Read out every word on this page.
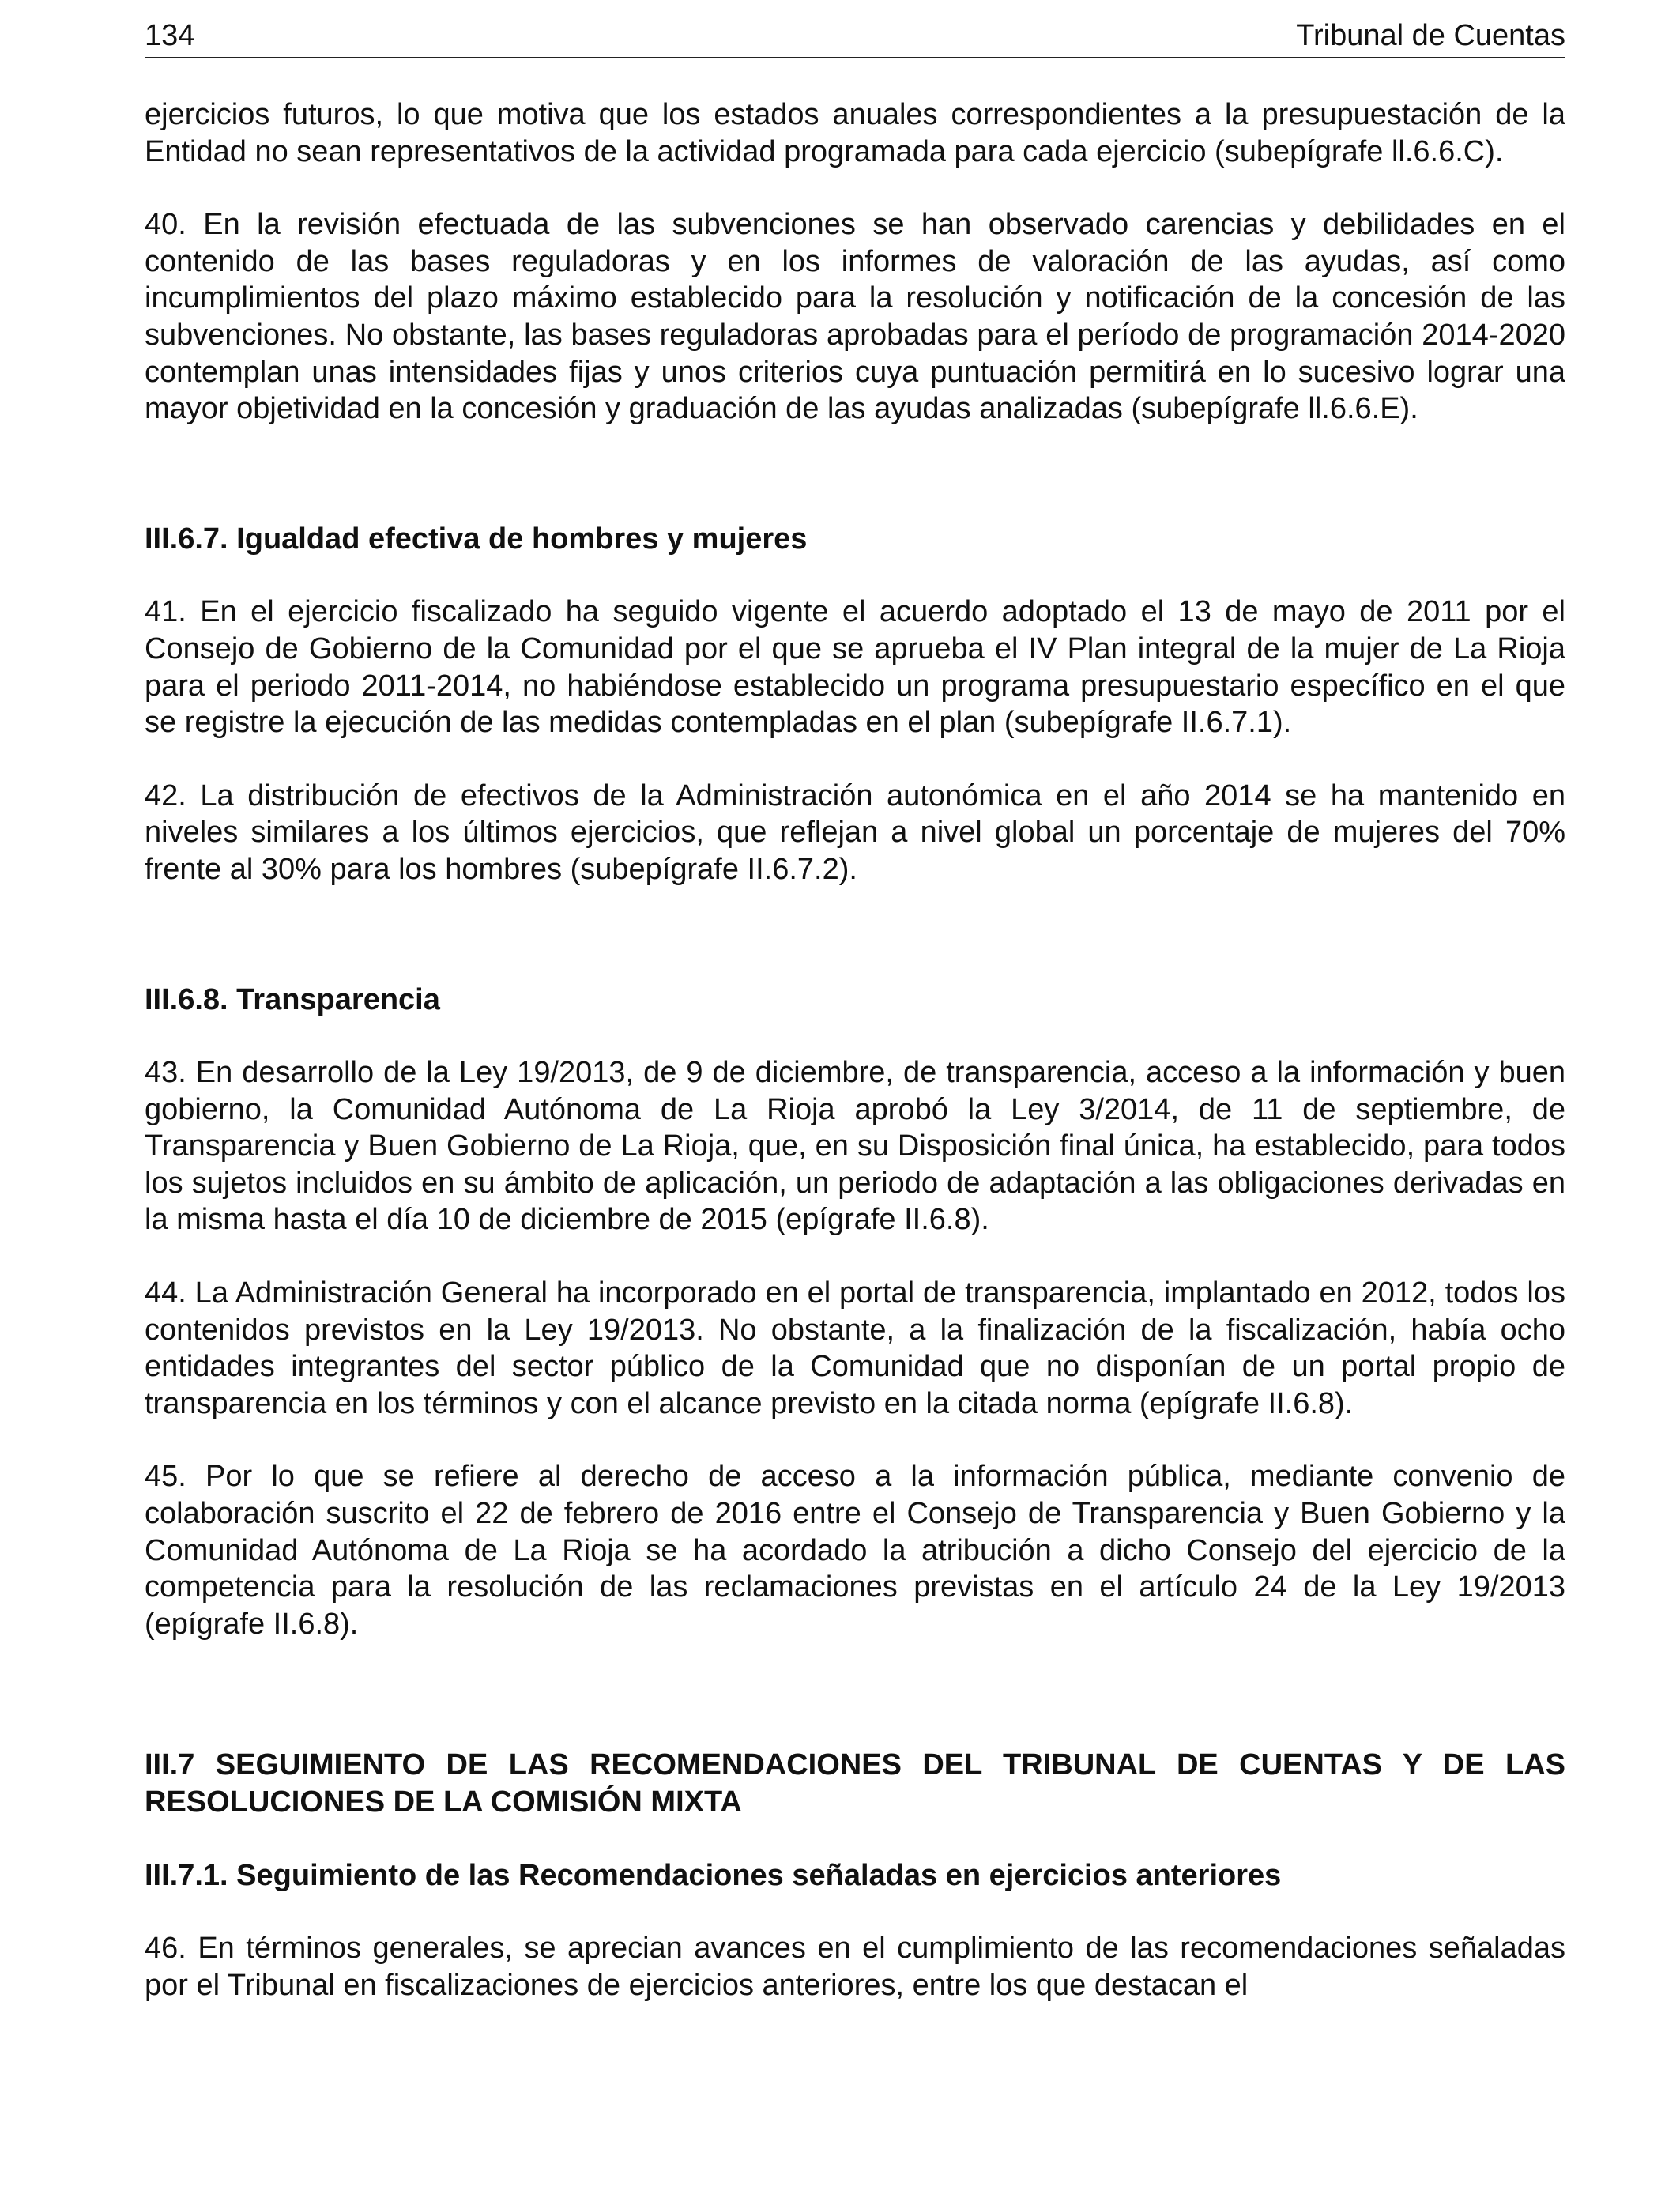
134	Tribunal de Cuentas

ejercicios futuros, lo que motiva que los estados anuales correspondientes a la presupuestación de la Entidad no sean representativos de la actividad programada para cada ejercicio (subepígrafe ll.6.6.C).

40. En la revisión efectuada de las subvenciones se han observado carencias y debilidades en el contenido de las bases reguladoras y en los informes de valoración de las ayudas, así como incumplimientos del plazo máximo establecido para la resolución y notificación de la concesión de las subvenciones. No obstante, las bases reguladoras aprobadas para el período de programación 2014-2020 contemplan unas intensidades fijas y unos criterios cuya puntuación permitirá en lo sucesivo lograr una mayor objetividad en la concesión y graduación de las ayudas analizadas (subepígrafe ll.6.6.E).

III.6.7. Igualdad efectiva de hombres y mujeres

41. En el ejercicio fiscalizado ha seguido vigente el acuerdo adoptado el 13 de mayo de 2011 por el Consejo de Gobierno de la Comunidad por el que se aprueba el IV Plan integral de la mujer de La Rioja para el periodo 2011-2014, no habiéndose establecido un programa presupuestario específico en el que se registre la ejecución de las medidas contempladas en el plan (subepígrafe II.6.7.1).

42. La distribución de efectivos de la Administración autonómica en el año 2014 se ha mantenido en niveles similares a los últimos ejercicios, que reflejan a nivel global un porcentaje de mujeres del 70% frente al 30% para los hombres (subepígrafe II.6.7.2).

III.6.8. Transparencia

43. En desarrollo de la Ley 19/2013, de 9 de diciembre, de transparencia, acceso a la información y buen gobierno, la Comunidad Autónoma de La Rioja aprobó la Ley 3/2014, de 11 de septiembre, de Transparencia y Buen Gobierno de La Rioja, que, en su Disposición final única, ha establecido, para todos los sujetos incluidos en su ámbito de aplicación, un periodo de adaptación a las obligaciones derivadas en la misma hasta el día 10 de diciembre de 2015 (epígrafe II.6.8).

44. La Administración General ha incorporado en el portal de transparencia, implantado en 2012, todos los contenidos previstos en la Ley 19/2013. No obstante, a la finalización de la fiscalización, había ocho entidades integrantes del sector público de la Comunidad que no disponían de un portal propio de transparencia en los términos y con el alcance previsto en la citada norma (epígrafe II.6.8).

45. Por lo que se refiere al derecho de acceso a la información pública, mediante convenio de colaboración suscrito el 22 de febrero de 2016 entre el Consejo de Transparencia y Buen Gobierno y la Comunidad Autónoma de La Rioja se ha acordado la atribución a dicho Consejo del ejercicio de la competencia para la resolución de las reclamaciones previstas en el artículo 24 de la Ley 19/2013 (epígrafe II.6.8).

III.7 SEGUIMIENTO DE LAS RECOMENDACIONES DEL TRIBUNAL DE CUENTAS Y DE LAS RESOLUCIONES DE LA COMISIÓN MIXTA
III.7.1. Seguimiento de las Recomendaciones señaladas en ejercicios anteriores

46. En términos generales, se aprecian avances en el cumplimiento de las recomendaciones señaladas por el Tribunal en fiscalizaciones de ejercicios anteriores, entre los que destacan el
